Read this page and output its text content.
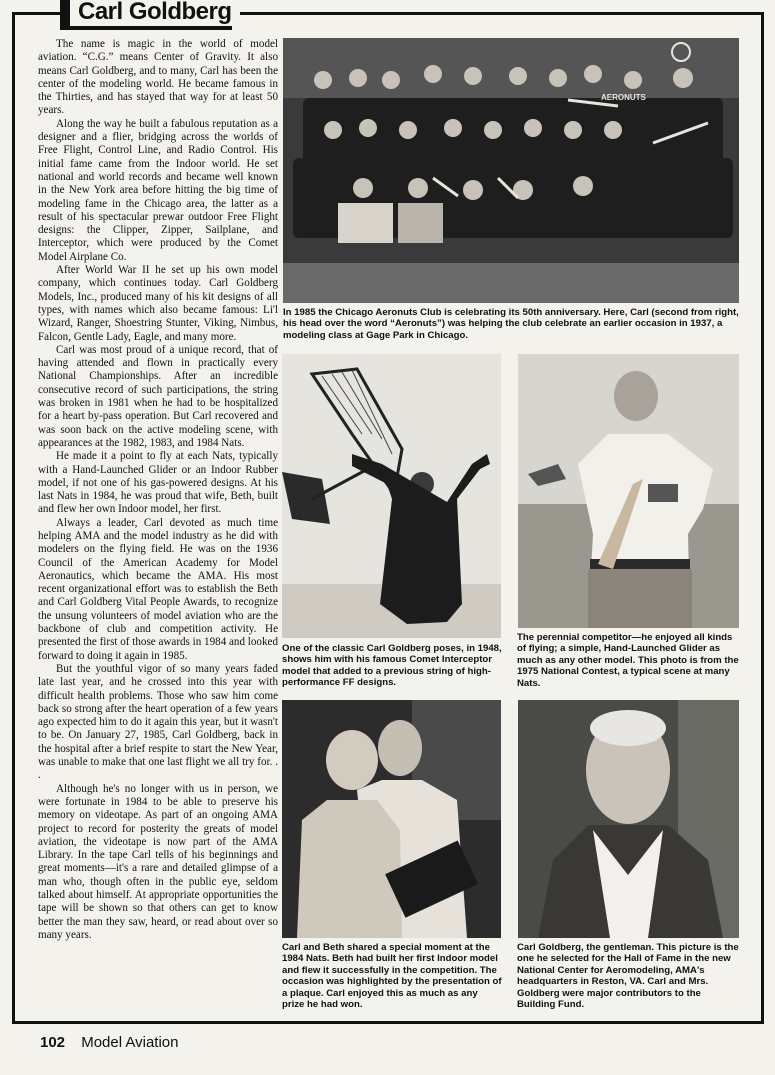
Carl Goldberg

The name is magic in the world of model aviation. “C.G.” means Center of Gravity. It also means Carl Goldberg, and to many, Carl has been the center of the modeling world. He became famous in the Thirties, and has stayed that way for at least 50 years.

Along the way he built a fabulous reputation as a designer and a flier, bridging across the worlds of Free Flight, Control Line, and Radio Control. His initial fame came from the Indoor world. He set national and world records and became well known in the New York area before hitting the big time of modeling fame in the Chicago area, the latter as a result of his spectacular prewar outdoor Free Flight designs: the Clipper, Zipper, Sailplane, and Interceptor, which were produced by the Comet Model Airplane Co.

After World War II he set up his own model company, which continues today. Carl Goldberg Models, Inc., produced many of his kit designs of all types, with names which also became famous: Li'l Wizard, Ranger, Shoestring Stunter, Viking, Nimbus, Falcon, Gentle Lady, Eagle, and many more.

Carl was most proud of a unique record, that of having attended and flown in practically every National Championships. After an incredible consecutive record of such participations, the string was broken in 1981 when he had to be hospitalized for a heart by-pass operation. But Carl recovered and was soon back on the active modeling scene, with appearances at the 1982, 1983, and 1984 Nats.

He made it a point to fly at each Nats, typically with a Hand-Launched Glider or an Indoor Rubber model, if not one of his gas-powered designs. At his last Nats in 1984, he was proud that wife, Beth, built and flew her own Indoor model, her first.

Always a leader, Carl devoted as much time helping AMA and the model industry as he did with modelers on the flying field. He was on the 1936 Council of the American Academy for Model Aeronautics, which became the AMA. His most recent organizational effort was to establish the Beth and Carl Goldberg Vital People Awards, to recognize the unsung volunteers of model aviation who are the backbone of club and competition activity. He presented the first of those awards in 1984 and looked forward to doing it again in 1985.

But the youthful vigor of so many years faded late last year, and he crossed into this year with difficult health problems. Those who saw him come back so strong after the heart operation of a few years ago expected him to do it again this year, but it wasn't to be. On January 27, 1985, Carl Goldberg, back in the hospital after a brief respite to start the New Year, was unable to make that one last flight we all try for. . .

Although he's no longer with us in person, we were fortunate in 1984 to be able to preserve his memory on videotape. As part of an ongoing AMA project to record for posterity the greats of model aviation, the videotape is now part of the AMA Library. In the tape Carl tells of his beginnings and great moments—it's a rare and detailed glimpse of a man who, though often in the public eye, seldom talked about himself. At appropriate opportunities the tape will be shown so that others can get to know better the man they saw, heard, or read about over so many years.

AERONUTS
In 1985 the Chicago Aeronuts Club is celebrating its 50th anniversary. Here, Carl (second from right, his head over the word “Aeronuts”) was helping the club celebrate an earlier occasion in 1937, a modeling class at Gage Park in Chicago.
One of the classic Carl Goldberg poses, in 1948, shows him with his famous Comet Interceptor model that added to a previous string of high-performance FF designs.
The perennial competitor—he enjoyed all kinds of flying; a simple, Hand-Launched Glider as much as any other model. This photo is from the 1975 National Contest, a typical scene at many Nats.
Carl and Beth shared a special moment at the 1984 Nats. Beth had built her first Indoor model and flew it successfully in the competition. The occasion was highlighted by the presentation of a plaque. Carl enjoyed this as much as any prize he had won.
Carl Goldberg, the gentleman. This picture is the one he selected for the Hall of Fame in the new National Center for Aeromodeling, AMA's headquarters in Reston, VA. Carl and Mrs. Goldberg were major contributors to the Building Fund.
102 Model Aviation
